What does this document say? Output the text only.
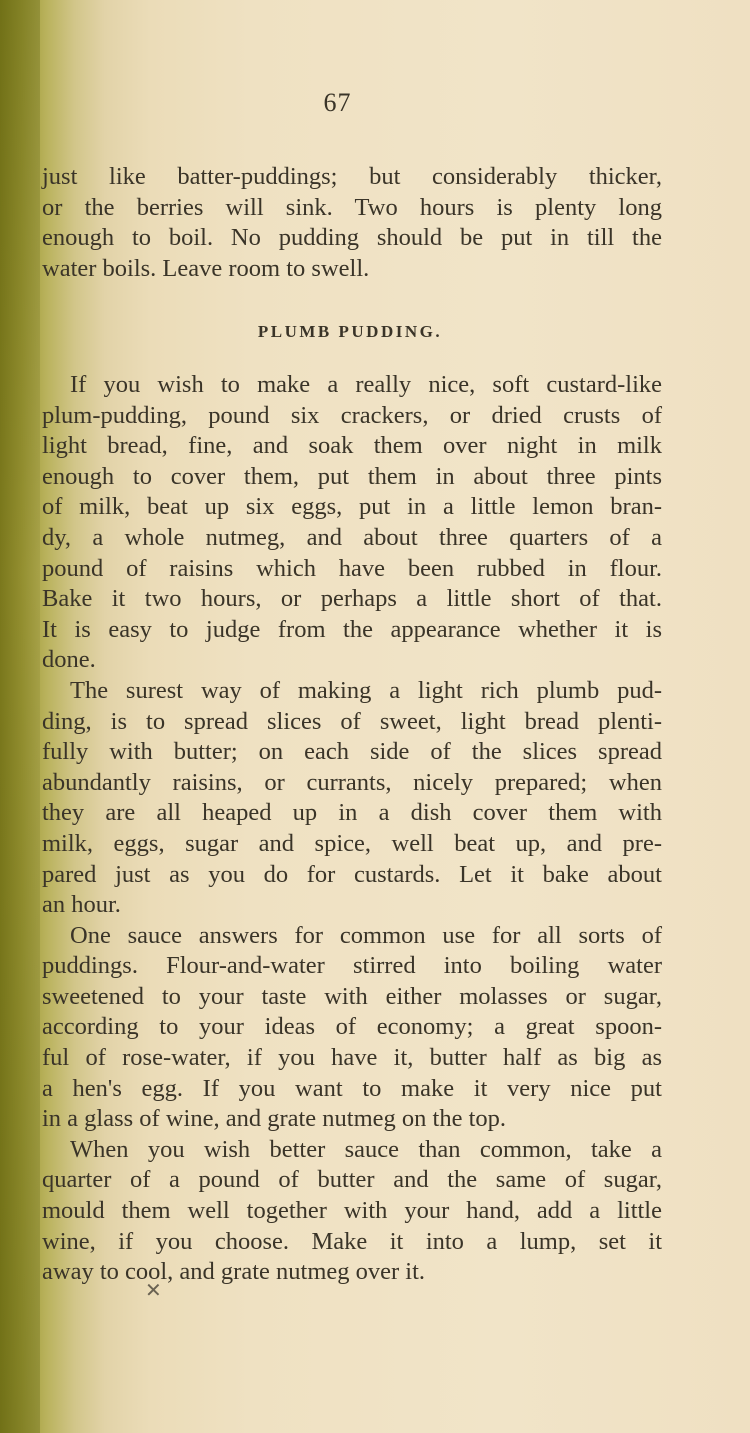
67
just like batter-puddings; but considerably thicker,
or the berries will sink. Two hours is plenty long
enough to boil. No pudding should be put in till the
water boils. Leave room to swell.
PLUMB PUDDING.
If you wish to make a really nice, soft custard-like
plum-pudding, pound six crackers, or dried crusts of
light bread, fine, and soak them over night in milk
enough to cover them, put them in about three pints
of milk, beat up six eggs, put in a little lemon bran-
dy, a whole nutmeg, and about three quarters of a
pound of raisins which have been rubbed in flour.
Bake it two hours, or perhaps a little short of that.
It is easy to judge from the appearance whether it is
done.
The surest way of making a light rich plumb pud-
ding, is to spread slices of sweet, light bread plenti-
fully with butter; on each side of the slices spread
abundantly raisins, or currants, nicely prepared; when
they are all heaped up in a dish cover them with
milk, eggs, sugar and spice, well beat up, and pre-
pared just as you do for custards. Let it bake about
an hour.
One sauce answers for common use for all sorts of
puddings. Flour-and-water stirred into boiling water
sweetened to your taste with either molasses or sugar,
according to your ideas of economy; a great spoon-
ful of rose-water, if you have it, butter half as big as
a hen's egg. If you want to make it very nice put
in a glass of wine, and grate nutmeg on the top.
When you wish better sauce than common, take a
quarter of a pound of butter and the same of sugar,
mould them well together with your hand, add a little
wine, if you choose. Make it into a lump, set it
away to cool, and grate nutmeg over it.
✕
